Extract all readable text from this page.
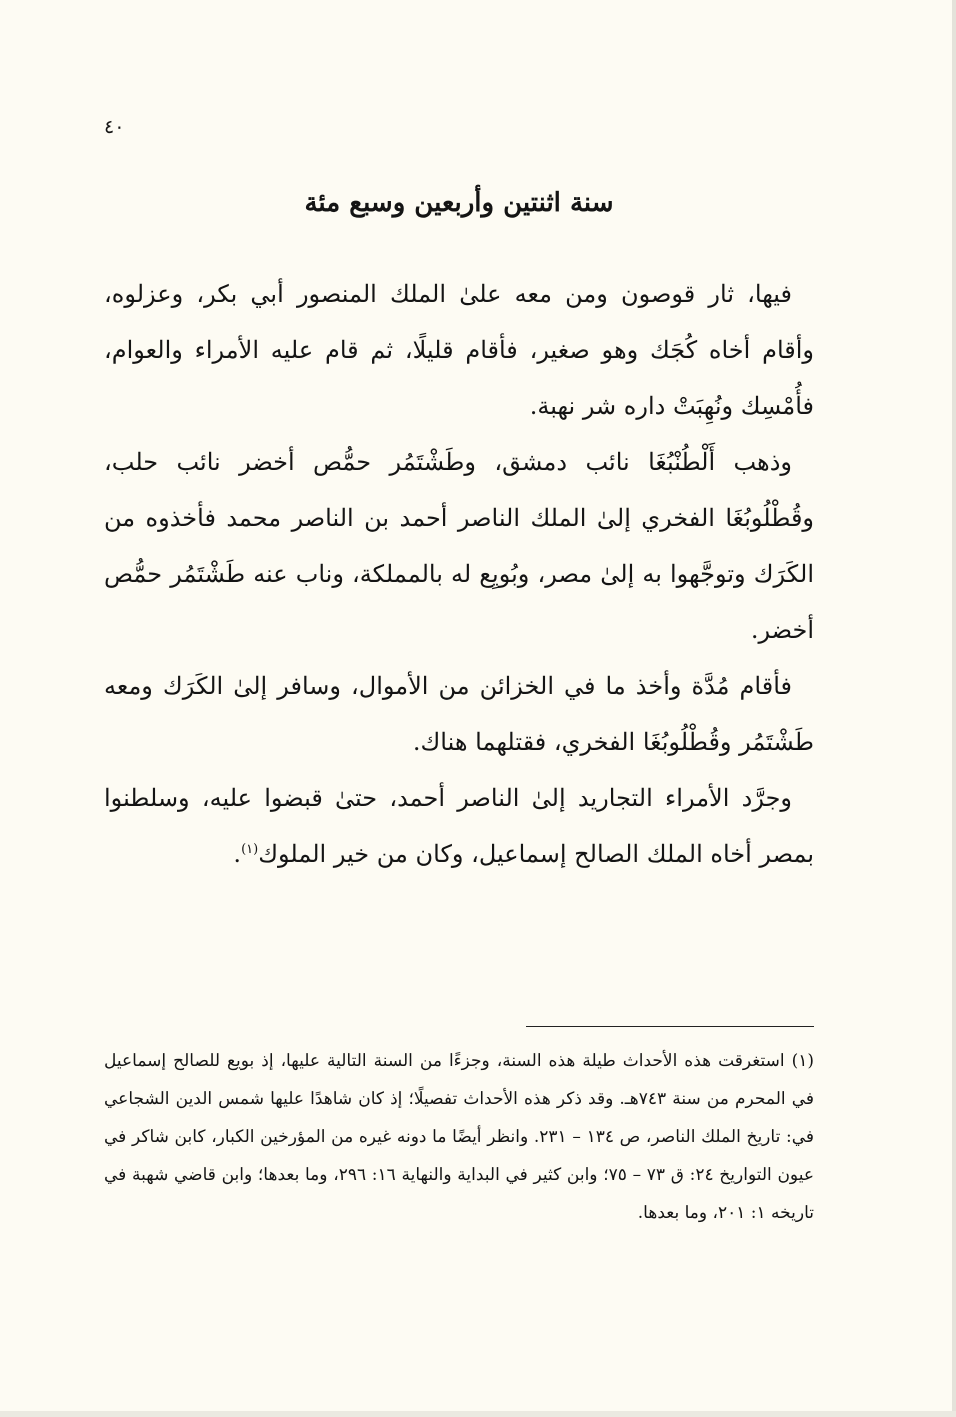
٤٠
سنة اثنتين وأربعين وسبع مئة

فيها، ثار قوصون ومن معه علىٰ الملك المنصور أبي بكر، وعزلوه، وأقام أخاه كُجَك وهو صغير، فأقام قليلًا، ثم قام عليه الأمراء والعوام، فأُمْسِك ونُهِبَتْ داره شر نهبة.

وذهب أَلْطُنْبُغَا نائب دمشق، وطَشْتَمُر حمُّص أخضر نائب حلب، وقُطْلُوبُغَا الفخري إلىٰ الملك الناصر أحمد بن الناصر محمد فأخذوه من الكَرَك وتوجَّهوا به إلىٰ مصر، وبُويِع له بالمملكة، وناب عنه طَشْتَمُر حمُّص أخضر.

فأقام مُدَّة وأخذ ما في الخزائن من الأموال، وسافر إلىٰ الكَرَك ومعه طَشْتَمُر وقُطْلُوبُغَا الفخري، فقتلهما هناك.

وجرَّد الأمراء التجاريد إلىٰ الناصر أحمد، حتىٰ قبضوا عليه، وسلطنوا بمصر أخاه الملك الصالح إسماعيل، وكان من خير الملوك$^{(١)}$.

(١) استغرقت هذه الأحداث طيلة هذه السنة، وجزءًا من السنة التالية عليها، إذ بويع للصالح إسماعيل في المحرم من سنة ٧٤٣هـ. وقد ذكر هذه الأحداث تفصيلًا؛ إذ كان شاهدًا عليها شمس الدين الشجاعي في: تاريخ الملك الناصر، ص ١٣٤ – ٢٣١. وانظر أيضًا ما دونه غيره من المؤرخين الكبار، كابن شاكر في عيون التواريخ ٢٤: ق ٧٣ – ٧٥؛ وابن كثير في البداية والنهاية ١٦: ٢٩٦، وما بعدها؛ وابن قاضي شهبة في تاريخه ١: ٢٠١، وما بعدها.
